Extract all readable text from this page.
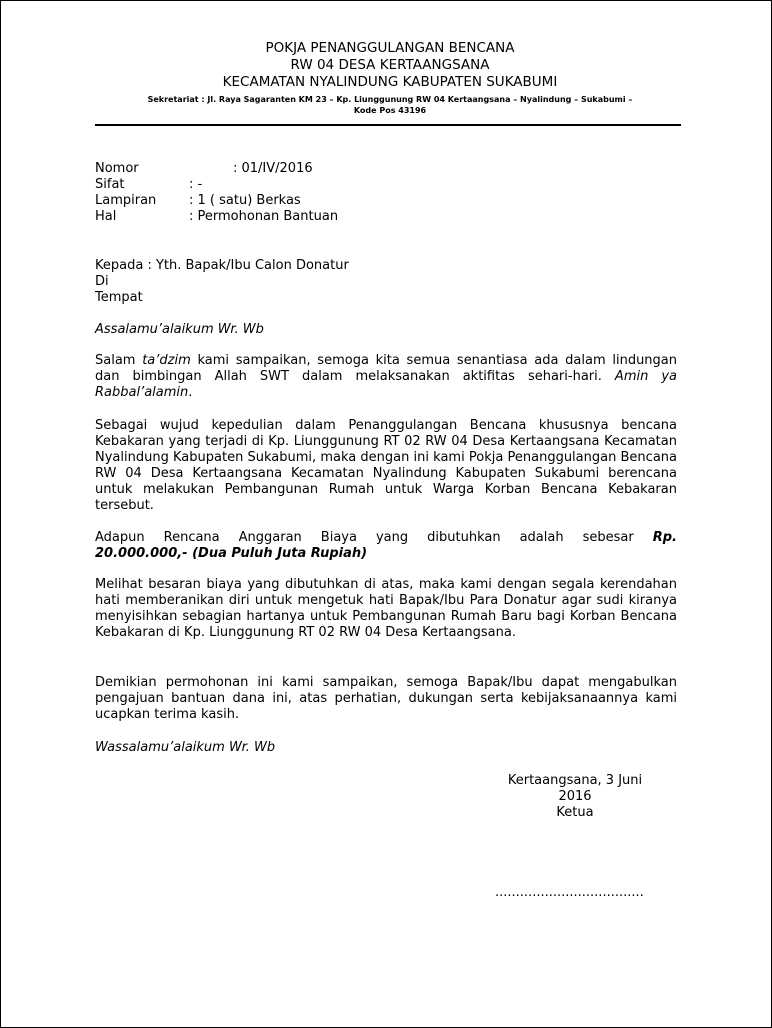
POKJA PENANGGULANGAN BENCANA
RW 04 DESA KERTAANGSANA
KECAMATAN NYALINDUNG KABUPATEN SUKABUMI
Sekretariat : Jl. Raya Sagaranten KM 23 – Kp. Liunggunung RW 04 Kertaangsana – Nyalindung – Sukabumi –
Kode Pos 43196
Nomor	: 01/IV/2016
Sifat	: -
Lampiran	: 1 ( satu) Berkas
Hal	: Permohonan Bantuan
Kepada : Yth. Bapak/Ibu Calon Donatur
Di
Tempat
Assalamu’alaikum Wr. Wb
Salam ta’dzim kami sampaikan, semoga kita semua senantiasa ada dalam lindungan dan bimbingan Allah SWT dalam melaksanakan aktifitas sehari-hari. Amin ya Rabbal’alamin.
Sebagai wujud kepedulian dalam Penanggulangan Bencana khususnya bencana Kebakaran yang terjadi di Kp. Liunggunung RT 02 RW 04 Desa Kertaangsana Kecamatan Nyalindung Kabupaten Sukabumi, maka dengan ini kami Pokja Penanggulangan Bencana RW 04 Desa Kertaangsana Kecamatan Nyalindung Kabupaten Sukabumi berencana untuk melakukan Pembangunan Rumah untuk Warga Korban Bencana Kebakaran tersebut.
Adapun Rencana Anggaran Biaya yang dibutuhkan adalah sebesar Rp.
20.000.000,- (Dua Puluh Juta Rupiah)
Melihat besaran biaya yang dibutuhkan di atas, maka kami dengan segala kerendahan hati memberanikan diri untuk mengetuk hati Bapak/Ibu Para Donatur agar sudi kiranya menyisihkan sebagian hartanya untuk Pembangunan Rumah Baru bagi Korban Bencana Kebakaran di Kp. Liunggunung RT 02 RW 04 Desa Kertaangsana.
Demikian permohonan ini kami sampaikan, semoga Bapak/Ibu dapat mengabulkan pengajuan bantuan dana ini, atas perhatian, dukungan serta kebijaksanaannya kami ucapkan terima kasih.
Wassalamu’alaikum Wr. Wb
Kertaangsana, 3 Juni
2016
Ketua
....................................
